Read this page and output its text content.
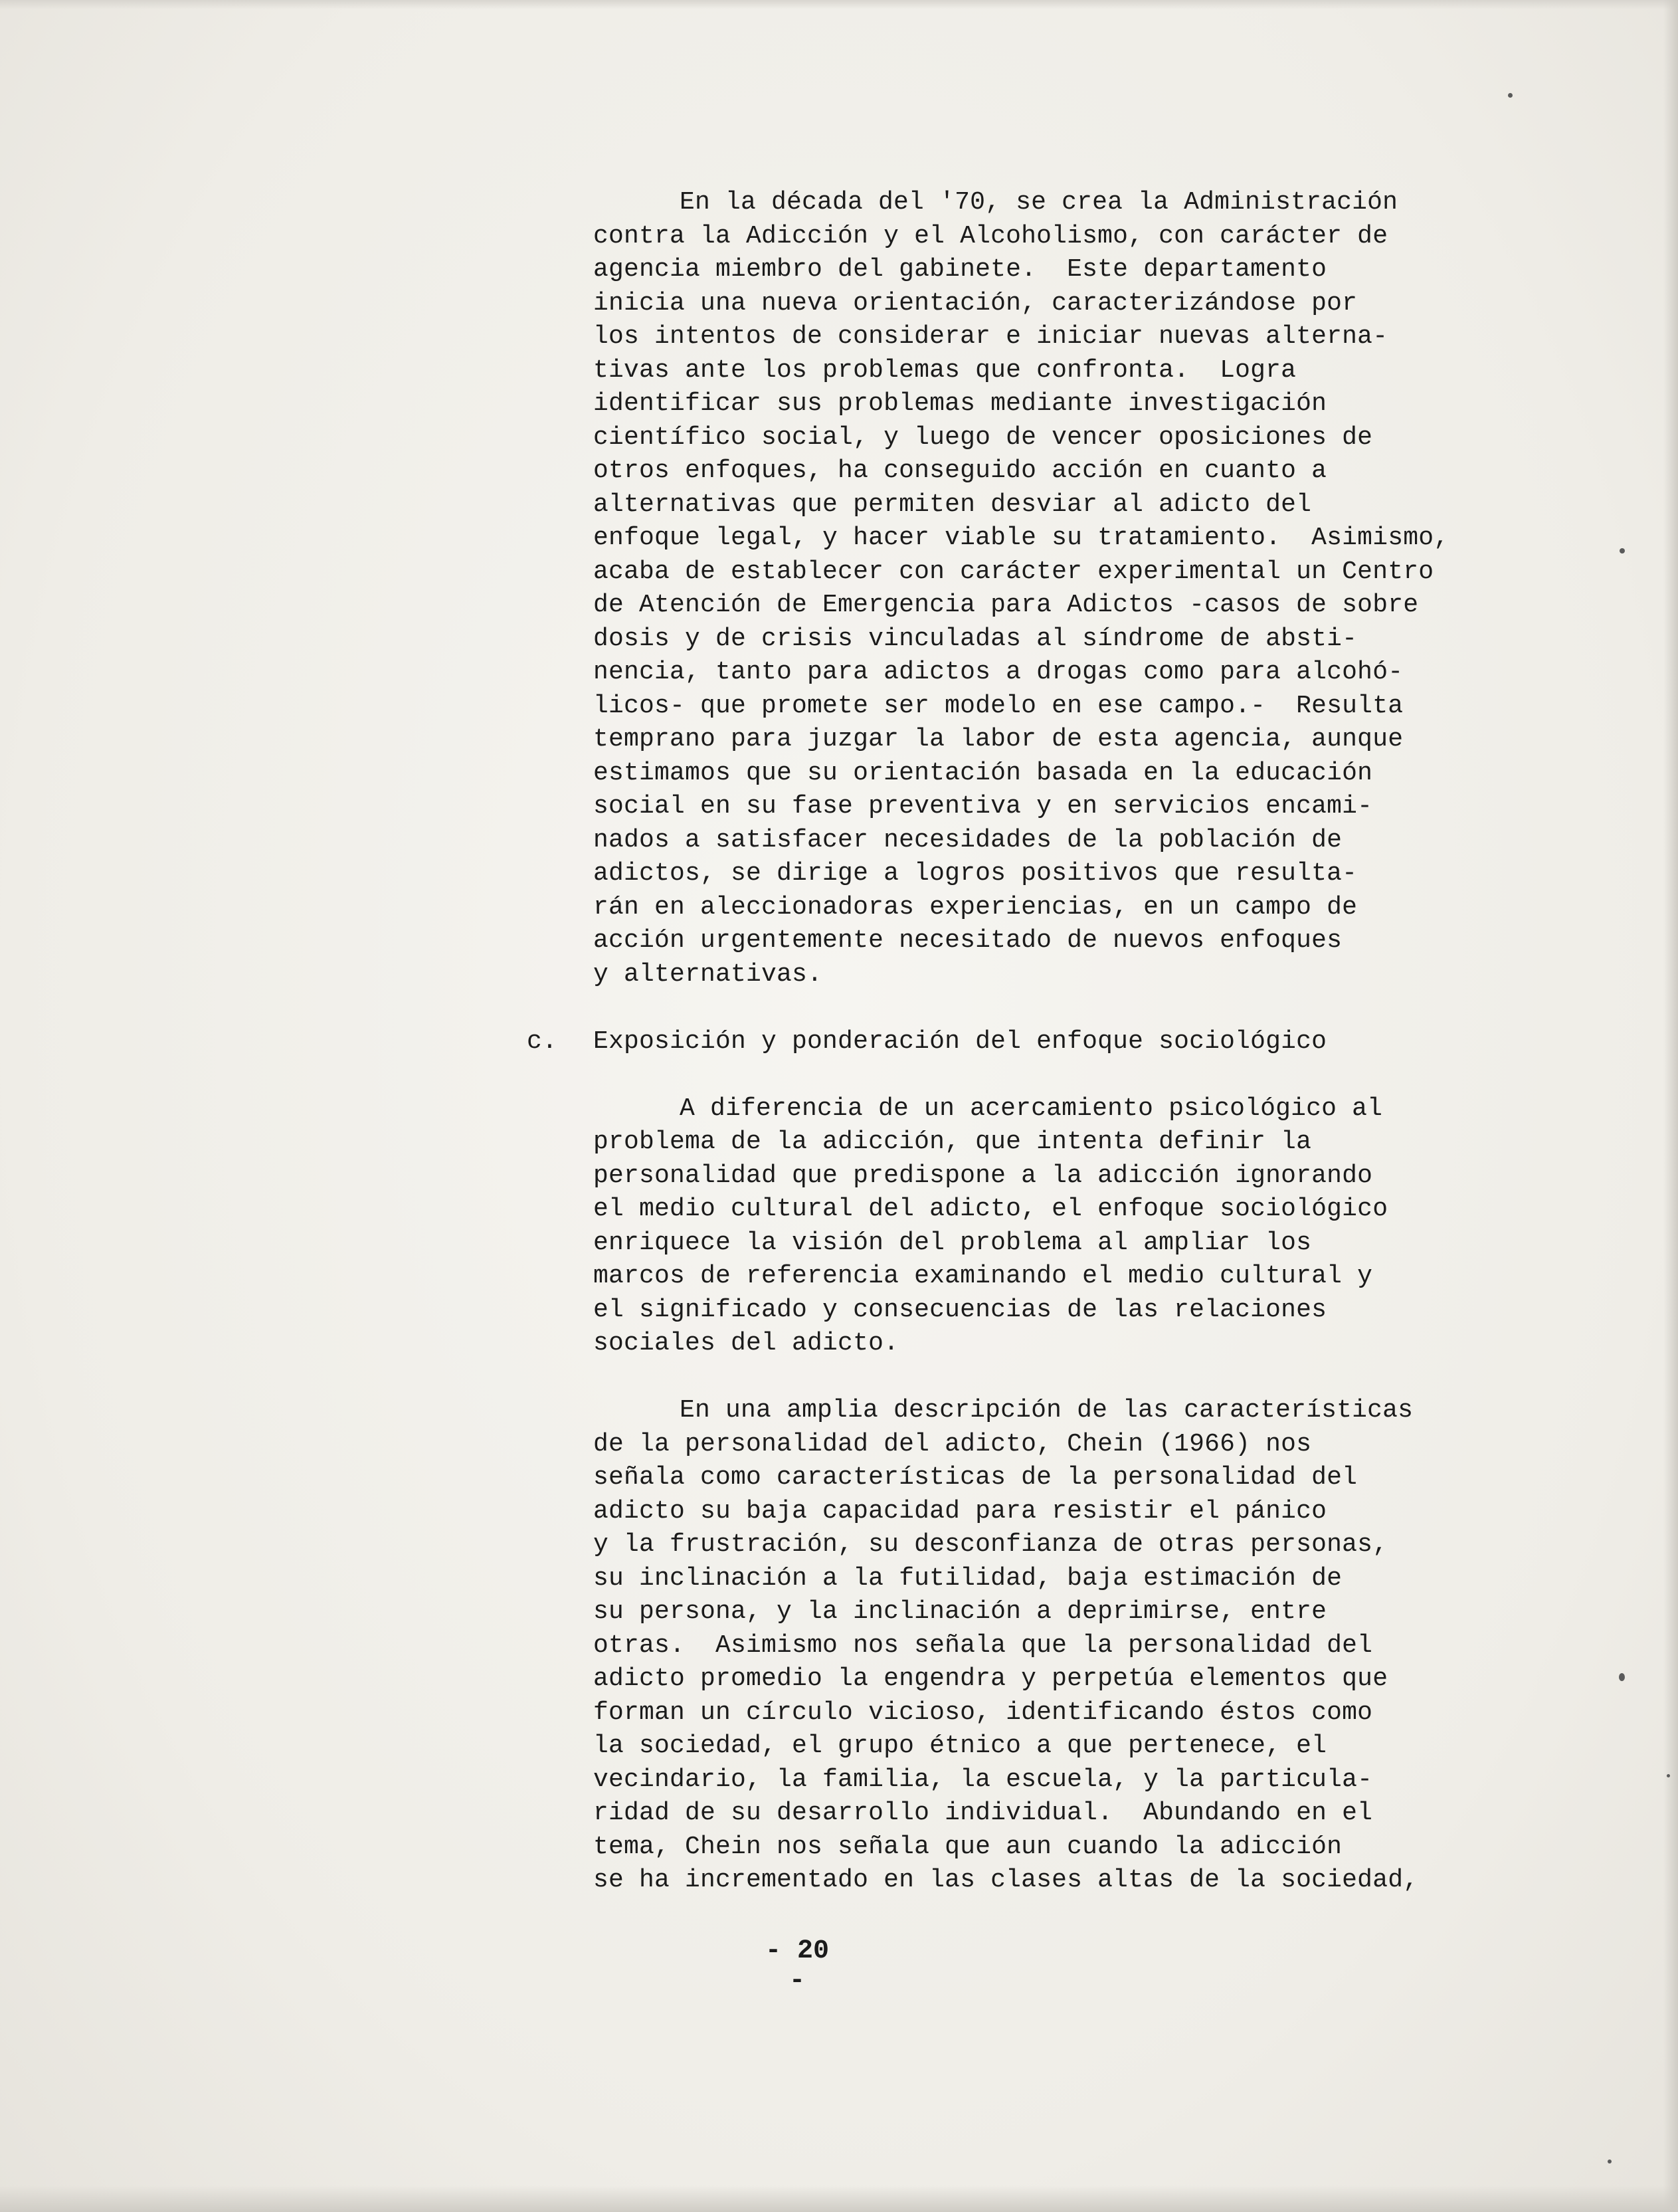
En la década del '70, se crea la Administración
contra la Adicción y el Alcoholismo, con carácter de
agencia miembro del gabinete.  Este departamento
inicia una nueva orientación, caracterizándose por
los intentos de considerar e iniciar nuevas alterna-
tivas ante los problemas que confronta.  Logra
identificar sus problemas mediante investigación
científico social, y luego de vencer oposiciones de
otros enfoques, ha conseguido acción en cuanto a
alternativas que permiten desviar al adicto del
enfoque legal, y hacer viable su tratamiento.  Asimismo,
acaba de establecer con carácter experimental un Centro
de Atención de Emergencia para Adictos -casos de sobre
dosis y de crisis vinculadas al síndrome de absti-
nencia, tanto para adictos a drogas como para alcohó-
licos- que promete ser modelo en ese campo.-  Resulta
temprano para juzgar la labor de esta agencia, aunque
estimamos que su orientación basada en la educación
social en su fase preventiva y en servicios encami-
nados a satisfacer necesidades de la población de
adictos, se dirige a logros positivos que resulta-
rán en aleccionadoras experiencias, en un campo de
acción urgentemente necesitado de nuevos enfoques
y alternativas.
c. Exposición y ponderación del enfoque sociológico
A diferencia de un acercamiento psicológico al
problema de la adicción, que intenta definir la
personalidad que predispone a la adicción ignorando
el medio cultural del adicto, el enfoque sociológico
enriquece la visión del problema al ampliar los
marcos de referencia examinando el medio cultural y
el significado y consecuencias de las relaciones
sociales del adicto.
En una amplia descripción de las características
de la personalidad del adicto, Chein (1966) nos
señala como características de la personalidad del
adicto su baja capacidad para resistir el pánico
y la frustración, su desconfianza de otras personas,
su inclinación a la futilidad, baja estimación de
su persona, y la inclinación a deprimirse, entre
otras.  Asimismo nos señala que la personalidad del
adicto promedio la engendra y perpetúa elementos que
forman un círculo vicioso, identificando éstos como
la sociedad, el grupo étnico a que pertenece, el
vecindario, la familia, la escuela, y la particula-
ridad de su desarrollo individual.  Abundando en el
tema, Chein nos señala que aun cuando la adicción
se ha incrementado en las clases altas de la sociedad,
- 20 -
